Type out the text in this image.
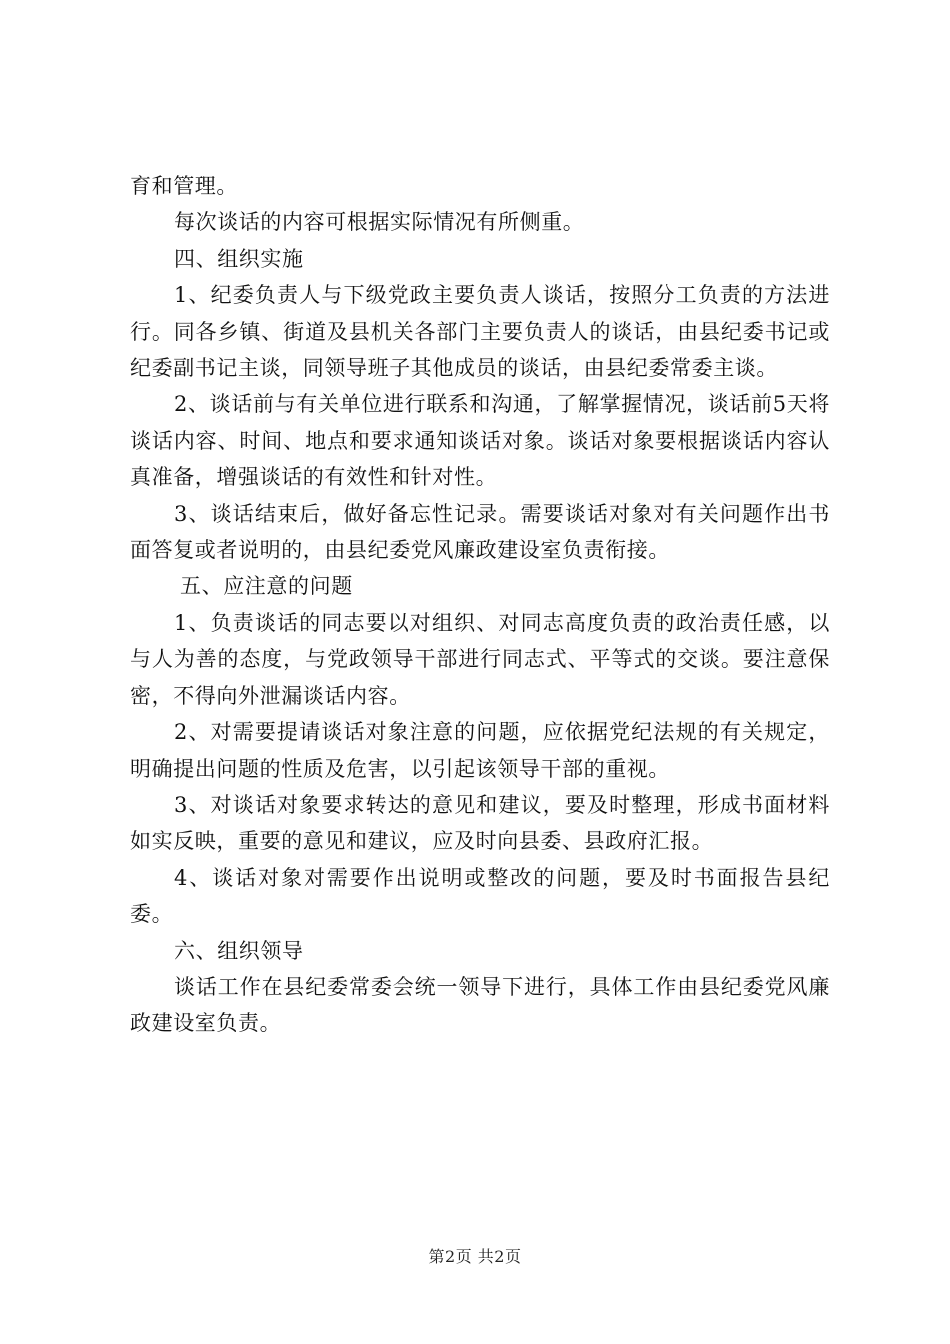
育和管理。

每次谈话的内容可根据实际情况有所侧重。

四、组织实施

1、纪委负责人与下级党政主要负责人谈话，按照分工负责的方法进行。同各乡镇、街道及县机关各部门主要负责人的谈话，由县纪委书记或纪委副书记主谈，同领导班子其他成员的谈话，由县纪委常委主谈。

2、谈话前与有关单位进行联系和沟通，了解掌握情况，谈话前5天将谈话内容、时间、地点和要求通知谈话对象。谈话对象要根据谈话内容认真准备，增强谈话的有效性和针对性。

3、谈话结束后，做好备忘性记录。需要谈话对象对有关问题作出书面答复或者说明的，由县纪委党风廉政建设室负责衔接。

五、应注意的问题

1、负责谈话的同志要以对组织、对同志高度负责的政治责任感，以与人为善的态度，与党政领导干部进行同志式、平等式的交谈。要注意保密，不得向外泄漏谈话内容。

2、对需要提请谈话对象注意的问题，应依据党纪法规的有关规定，明确提出问题的性质及危害，以引起该领导干部的重视。

3、对谈话对象要求转达的意见和建议，要及时整理，形成书面材料如实反映，重要的意见和建议，应及时向县委、县政府汇报。

4、谈话对象对需要作出说明或整改的问题，要及时书面报告县纪委。

六、组织领导

谈话工作在县纪委常委会统一领导下进行，具体工作由县纪委党风廉政建设室负责。

第2页 共2页
